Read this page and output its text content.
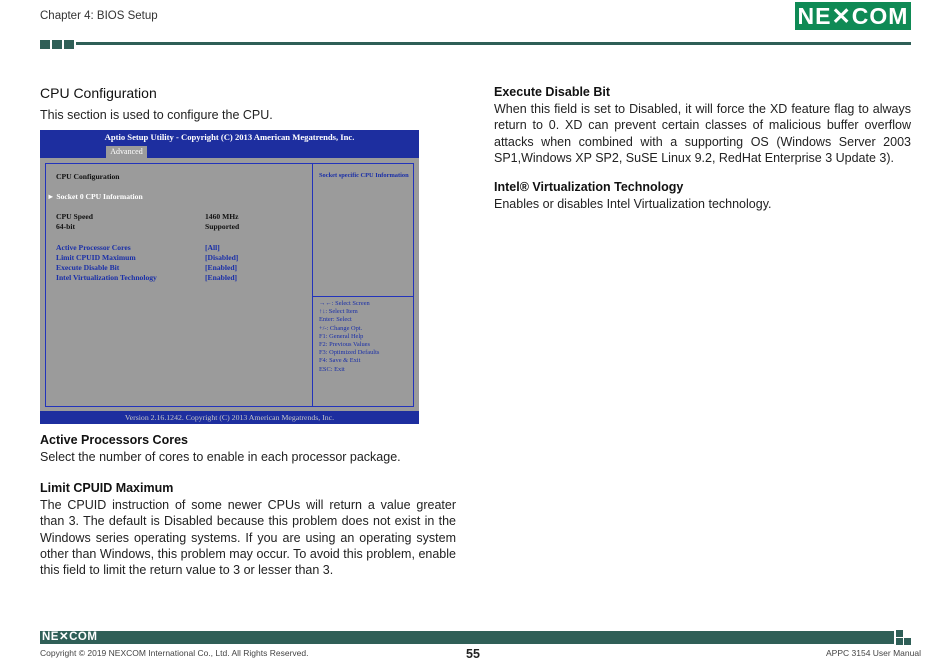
Chapter 4: BIOS Setup	NE✕COM
CPU Configuration
This section is used to configure the CPU.
Aptio Setup Utility - Copyright (C) 2013 American Megatrends, Inc.
Advanced
CPU Configuration
► Socket 0 CPU Information
CPU Speed	1460 MHz
64-bit	Supported
Active Processor Cores	[All]
Limit CPUID Maximum	[Disabled]
Execute Disable Bit	[Enabled]
Intel Virtualization Technology	[Enabled]
Socket specific CPU Information
→←: Select Screen
↑↓: Select Item
Enter: Select
+/-: Change Opt.
F1: General Help
F2: Previous Values
F3: Optimized Defaults
F4: Save & Exit
ESC: Exit
Version 2.16.1242. Copyright (C) 2013 American Megatrends, Inc.
Active Processors Cores
Select the number of cores to enable in each processor package.
Limit CPUID Maximum
The CPUID instruction of some newer CPUs will return a value greater
than 3. The default is Disabled because this problem does not exist in the
Windows series operating systems. If you are using an operating system
other than Windows, this problem may occur. To avoid this problem, enable
this field to limit the return value to 3 or lesser than 3.
Execute Disable Bit
When this field is set to Disabled, it will force the XD feature flag to always
return to 0. XD can prevent certain classes of malicious buffer overflow
attacks when combined with a supporting OS (Windows Server 2003
SP1,Windows XP SP2, SuSE Linux 9.2, RedHat Enterprise 3 Update 3).
Intel® Virtualization Technology
Enables or disables Intel Virtualization technology.
NE✕COM
Copyright © 2019 NEXCOM International Co., Ltd. All Rights Reserved.	55	APPC 3154 User Manual
